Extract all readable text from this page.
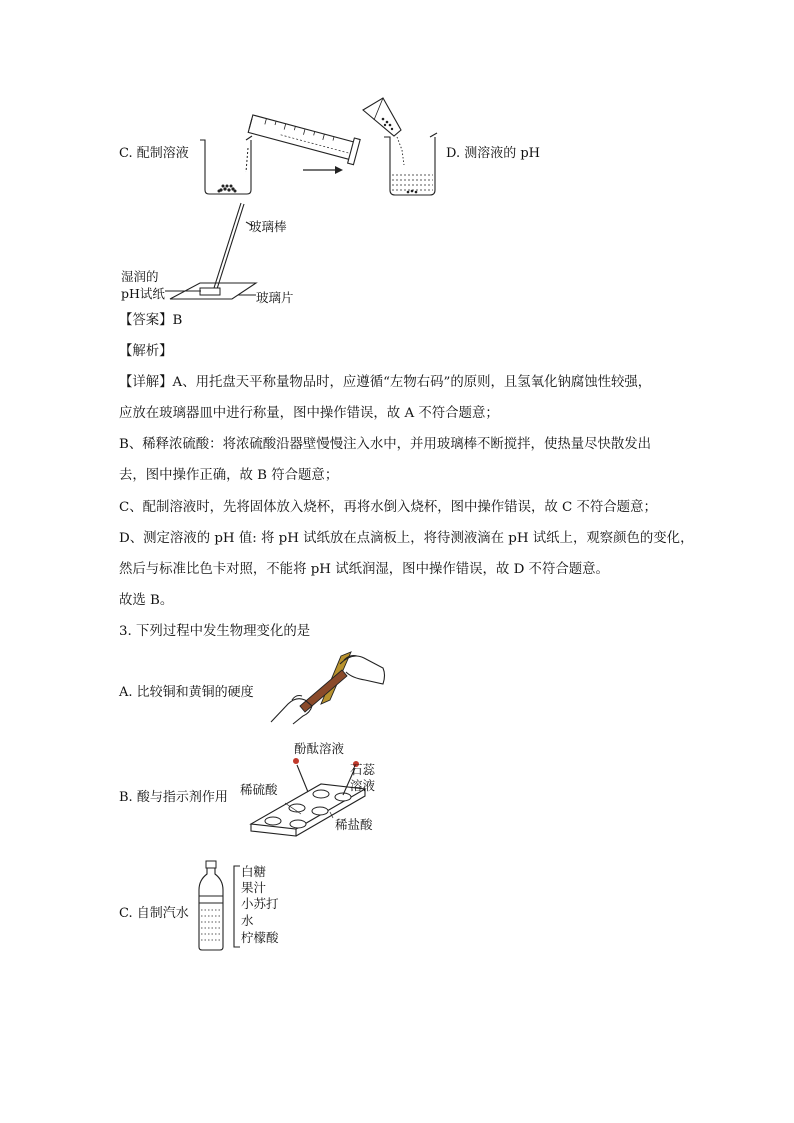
C. 配制溶液	D. 测溶液的 pH
玻璃棒
湿润的
pH试纸	玻璃片
【答案】B
【解析】
【详解】A、用托盘天平称量物品时，应遵循“左物右码”的原则，且氢氧化钠腐蚀性较强，
应放在玻璃器皿中进行称量，图中操作错误，故 A 不符合题意；
B、稀释浓硫酸：将浓硫酸沿器壁慢慢注入水中，并用玻璃棒不断搅拌，使热量尽快散发出
去，图中操作正确，故 B 符合题意；
C、配制溶液时，先将固体放入烧杯，再将水倒入烧杯，图中操作错误，故 C 不符合题意；
D、测定溶液的 pH 值: 将 pH 试纸放在点滴板上，将待测液滴在 pH 试纸上，观察颜色的变化，
然后与标准比色卡对照，不能将 pH 试纸润湿，图中操作错误，故 D 不符合题意。
故选 B。
3. 下列过程中发生物理变化的是
A. 比较铜和黄铜的硬度
B. 酸与指示剂作用
酚酞溶液
石蕊
溶液
稀硫酸
稀盐酸
C. 自制汽水
白糖
果汁
小苏打
水
柠檬酸
